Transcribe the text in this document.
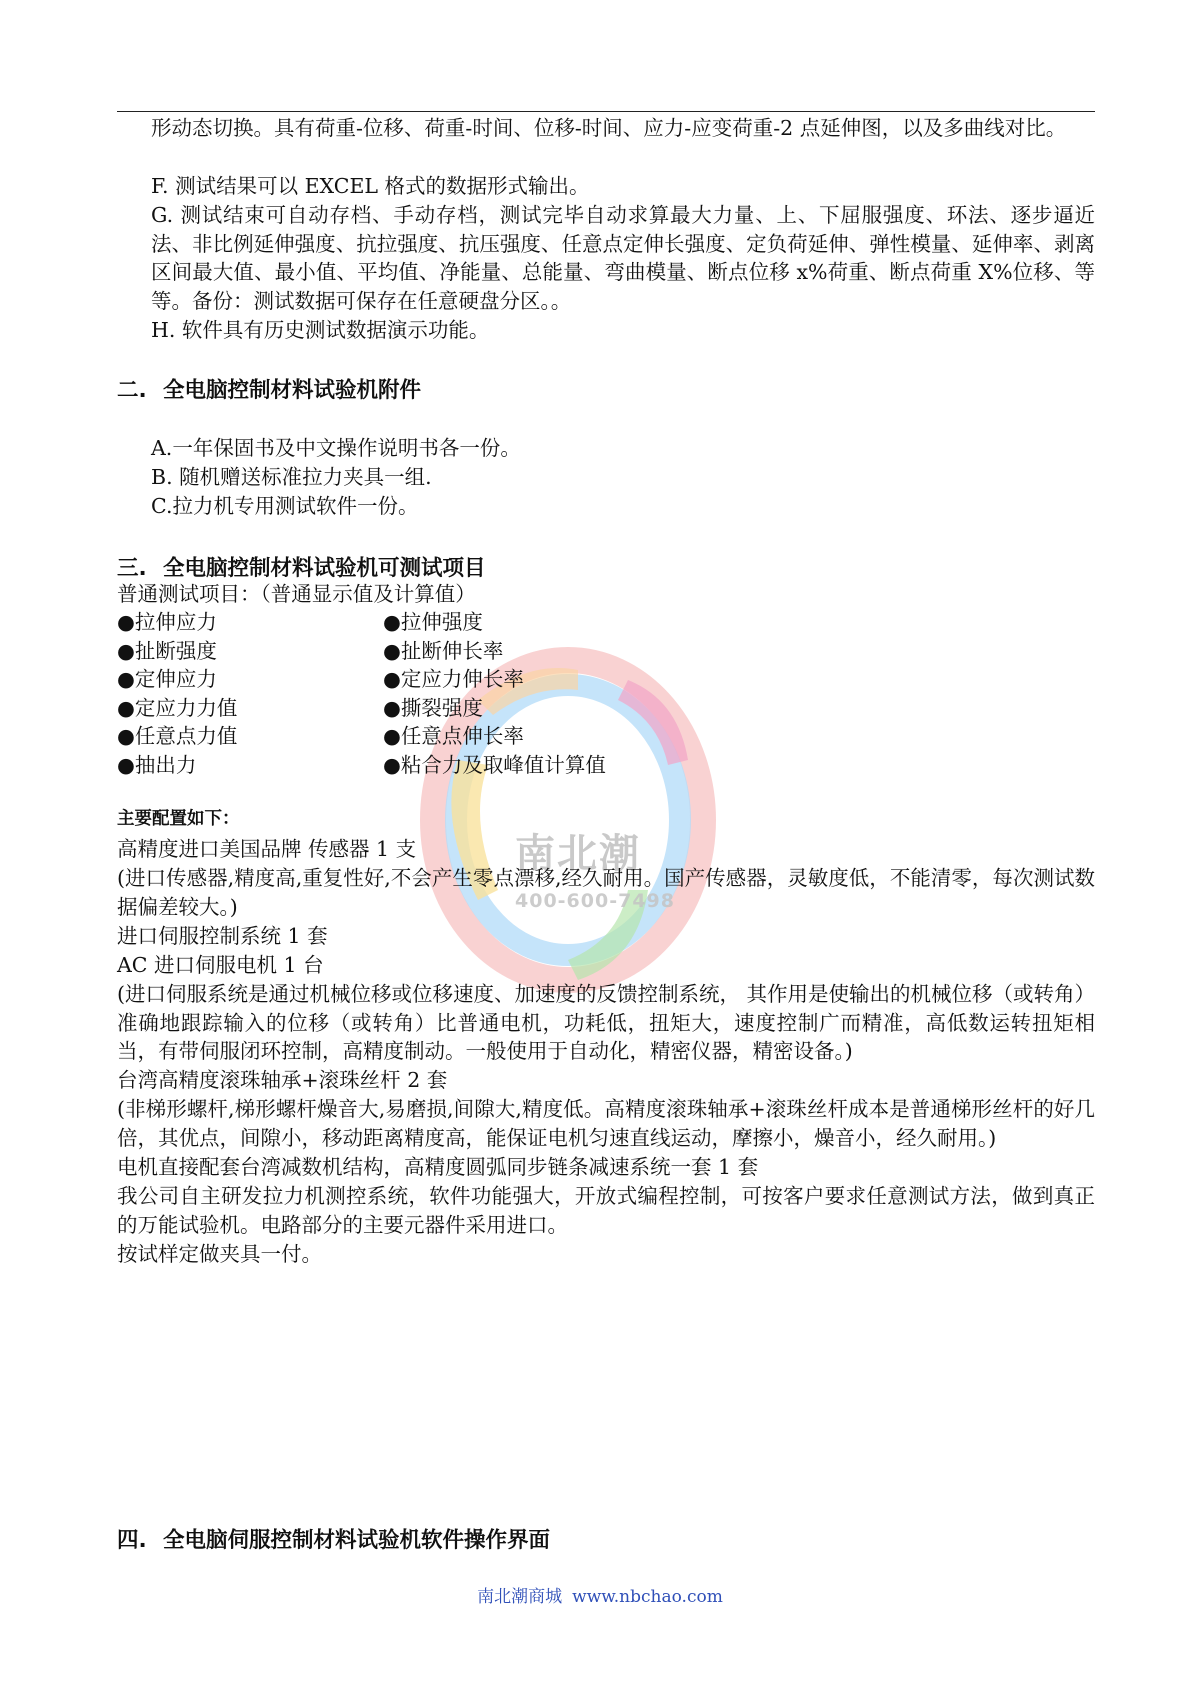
南北潮
400-600-7498
形动态切换。具有荷重-位移、荷重-时间、位移-时间、应力-应变荷重-2 点延伸图，以及多曲线对比。
F. 测试结果可以 EXCEL 格式的数据形式输出。
G. 测试结束可自动存档、手动存档，测试完毕自动求算最大力量、上、下屈服强度、环法、逐步逼近法、非比例延伸强度、抗拉强度、抗压强度、任意点定伸长强度、定负荷延伸、弹性模量、延伸率、剥离区间最大值、最小值、平均值、净能量、总能量、弯曲模量、断点位移 x%荷重、断点荷重 X%位移、等等。备份：测试数据可保存在任意硬盘分区。。
H. 软件具有历史测试数据演示功能。
二. 全电脑控制材料试验机附件
A.一年保固书及中文操作说明书各一份。
B. 随机赠送标准拉力夹具一组.
C.拉力机专用测试软件一份。
三. 全电脑控制材料试验机可测试项目
普通测试项目：（普通显示值及计算值）
●拉伸应力	●拉伸强度
●扯断强度	●扯断伸长率
●定伸应力	●定应力伸长率
●定应力力值	●撕裂强度
●任意点力值	●任意点伸长率
●抽出力	●粘合力及取峰值计算值
主要配置如下：
高精度进口美国品牌 传感器 1 支
(进口传感器,精度高,重复性好,不会产生零点漂移,经久耐用。国产传感器，灵敏度低，不能清零，每次测试数据偏差较大。)
进口伺服控制系统 1 套
AC 进口伺服电机 1 台
(进口伺服系统是通过机械位移或位移速度、加速度的反馈控制系统， 其作用是使输出的机械位移（或转角）准确地跟踪输入的位移（或转角）比普通电机，功耗低，扭矩大，速度控制广而精准，高低数运转扭矩相当，有带伺服闭环控制，高精度制动。一般使用于自动化，精密仪器，精密设备。)
台湾高精度滚珠轴承+滚珠丝杆 2 套
(非梯形螺杆,梯形螺杆燥音大,易磨损,间隙大,精度低。高精度滚珠轴承+滚珠丝杆成本是普通梯形丝杆的好几倍，其优点，间隙小，移动距离精度高，能保证电机匀速直线运动，摩擦小，燥音小，经久耐用。)
电机直接配套台湾减数机结构，高精度圆弧同步链条减速系统一套 1 套
我公司自主研发拉力机测控系统，软件功能强大，开放式编程控制，可按客户要求任意测试方法，做到真正的万能试验机。电路部分的主要元器件采用进口。
按试样定做夹具一付。
四. 全电脑伺服控制材料试验机软件操作界面
南北潮商城 www.nbchao.com
